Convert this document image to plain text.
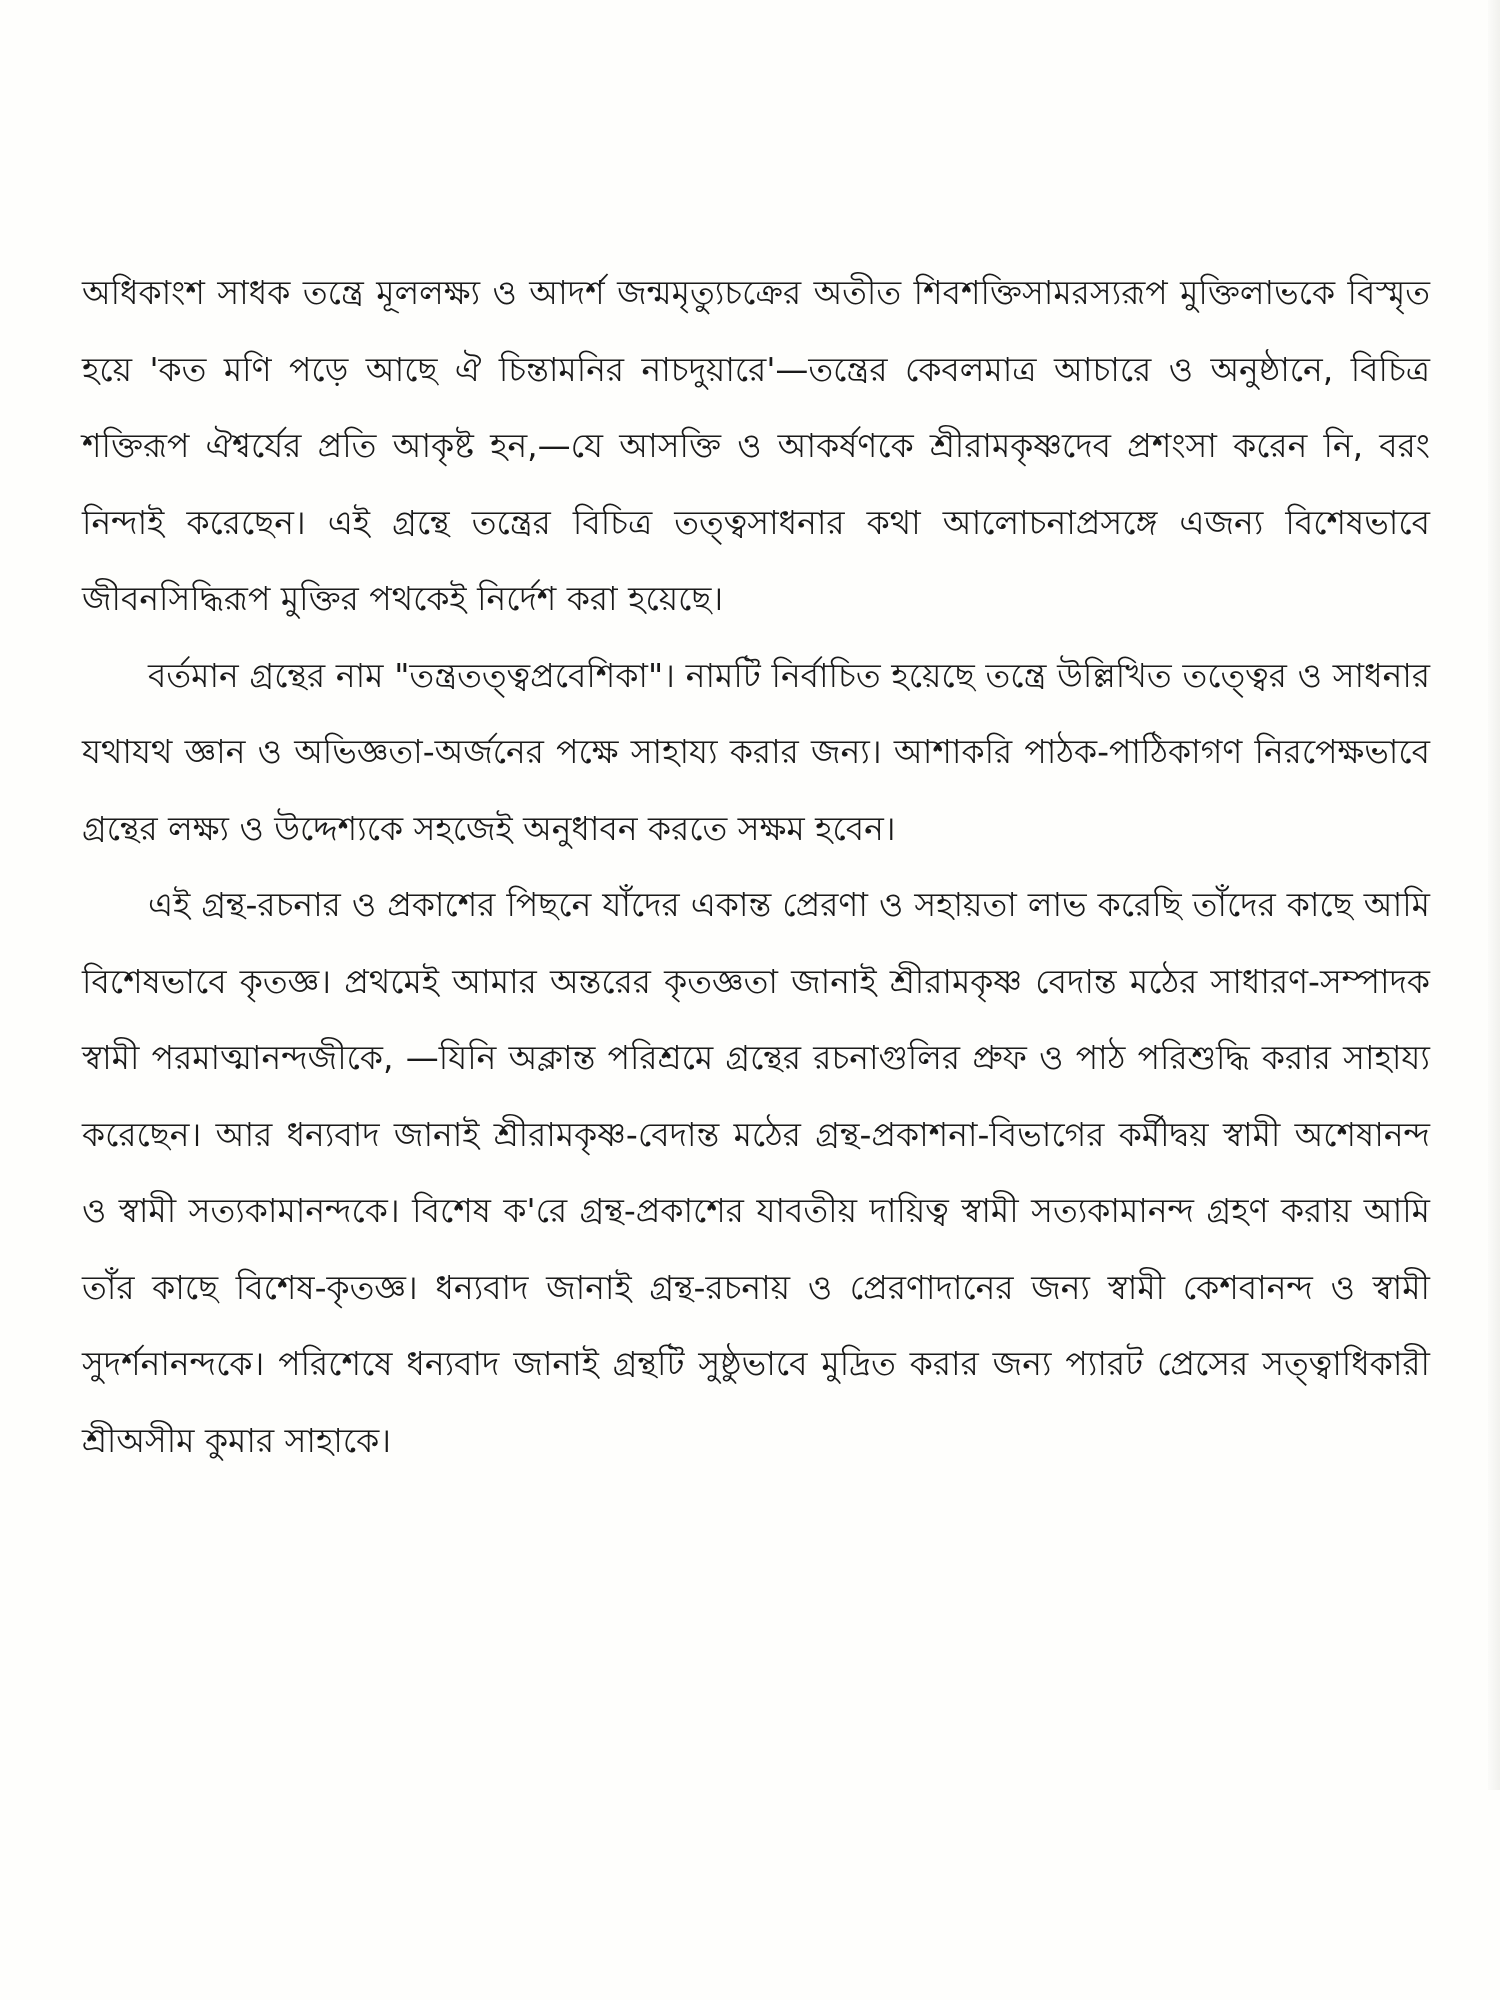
অধিকাংশ সাধক তন্ত্রে মূললক্ষ্য ও আদর্শ জন্মমৃত্যুচক্রের অতীত শিবশক্তিসামরস্যরূপ মুক্তিলাভকে বিস্মৃত হয়ে 'কত মণি পড়ে আছে ঐ চিন্তামনির নাচদুয়ারে'—তন্ত্রের কেবলমাত্র আচারে ও অনুষ্ঠানে, বিচিত্র শক্তিরূপ ঐশ্বর্যের প্রতি আকৃষ্ট হন,—যে আসক্তি ও আকর্ষণকে শ্রীরামকৃষ্ণদেব প্রশংসা করেন নি, বরং নিন্দাই করেছেন। এই গ্রন্থে তন্ত্রের বিচিত্র তত্ত্বসাধনার কথা আলোচনাপ্রসঙ্গে এজন্য বিশেষভাবে জীবনসিদ্ধিরূপ মুক্তির পথকেই নির্দেশ করা হয়েছে।

বর্তমান গ্রন্থের নাম "তন্ত্রতত্ত্বপ্রবেশিকা"। নামটি নির্বাচিত হয়েছে তন্ত্রে উল্লিখিত তত্ত্বের ও সাধনার যথাযথ জ্ঞান ও অভিজ্ঞতা-অর্জনের পক্ষে সাহায্য করার জন্য। আশাকরি পাঠক-পাঠিকাগণ নিরপেক্ষভাবে গ্রন্থের লক্ষ্য ও উদ্দেশ্যকে সহজেই অনুধাবন করতে সক্ষম হবেন।

এই গ্রন্থ-রচনার ও প্রকাশের পিছনে যাঁদের একান্ত প্রেরণা ও সহায়তা লাভ করেছি তাঁদের কাছে আমি বিশেষভাবে কৃতজ্ঞ। প্রথমেই আমার অন্তরের কৃতজ্ঞতা জানাই শ্রীরামকৃষ্ণ বেদান্ত মঠের সাধারণ-সম্পাদক স্বামী পরমাত্মানন্দজীকে, —যিনি অক্লান্ত পরিশ্রমে গ্রন্থের রচনাগুলির প্রুফ ও পাঠ পরিশুদ্ধি করার সাহায্য করেছেন। আর ধন্যবাদ জানাই শ্রীরামকৃষ্ণ-বেদান্ত মঠের গ্রন্থ-প্রকাশনা-বিভাগের কর্মীদ্বয় স্বামী অশেষানন্দ ও স্বামী সত্যকামানন্দকে। বিশেষ ক'রে গ্রন্থ-প্রকাশের যাবতীয় দায়িত্ব স্বামী সত্যকামানন্দ গ্রহণ করায় আমি তাঁর কাছে বিশেষ-কৃতজ্ঞ। ধন্যবাদ জানাই গ্রন্থ-রচনায় ও প্রেরণাদানের জন্য স্বামী কেশবানন্দ ও স্বামী সুদর্শনানন্দকে। পরিশেষে ধন্যবাদ জানাই গ্রন্থটি সুষ্ঠুভাবে মুদ্রিত করার জন্য প্যারট প্রেসের সত্ত্বাধিকারী শ্রীঅসীম কুমার সাহাকে।
